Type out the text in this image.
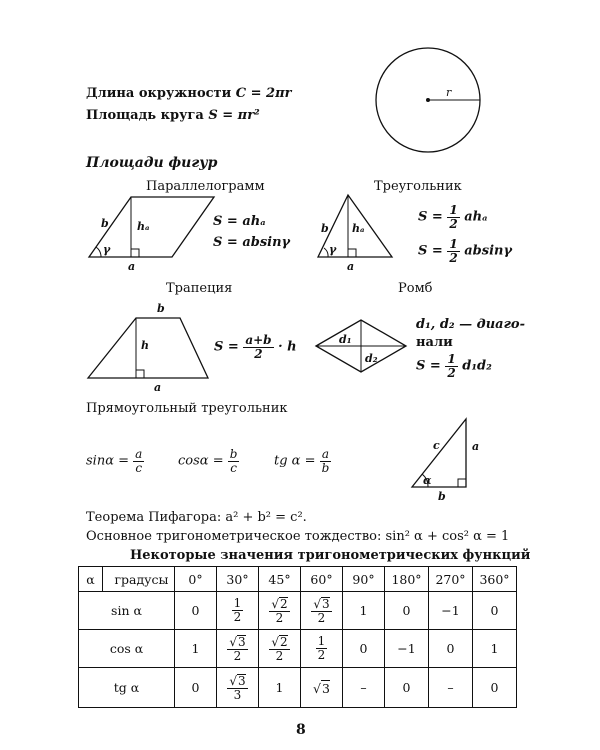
Длина окружности C = 2πr
Площадь круга S = πr²
r
b	hₐ
γ
a
b hₐ
γ
a
b
h
a
d₁
d₂
c	a
b
α
Площади фигур
Параллелограмм
S = ahₐ
S = absinγ
Треугольник
$S = \frac{1}{2}$ ahₐ
$S = \frac{1}{2}$ absinγ
Трапеция
$S = \frac{a+b}{2} \cdot h$
Ромб
d₁, d₂ — диаго-
нали
$S = \frac{1}{2} d_1d_2$
Прямоугольный треугольник
$\sin\alpha = \frac{a}{c}$	$\cos\alpha = \frac{b}{c}$	tg $\alpha = \frac{a}{b}$
Теорема Пифагора: a² + b² = c².
Основное тригонометрическое тождество: sin² α + cos² α = 1
Некоторые значения тригонометрических функций
α	градусы	0°	30°	45°	60°	90°	180°	270°	360°
sin α		0	$\frac{1}{2}$	$\frac{√2}{2}$	$\frac{√3}{2}$	1	0	−1	0
cos α		1	$\frac{√3}{2}$	$\frac{√2}{2}$	$\frac{1}{2}$	0	−1	0	1
tg α		0	$\frac{√3}{3}$	1	√3	–	0	–	0
8
